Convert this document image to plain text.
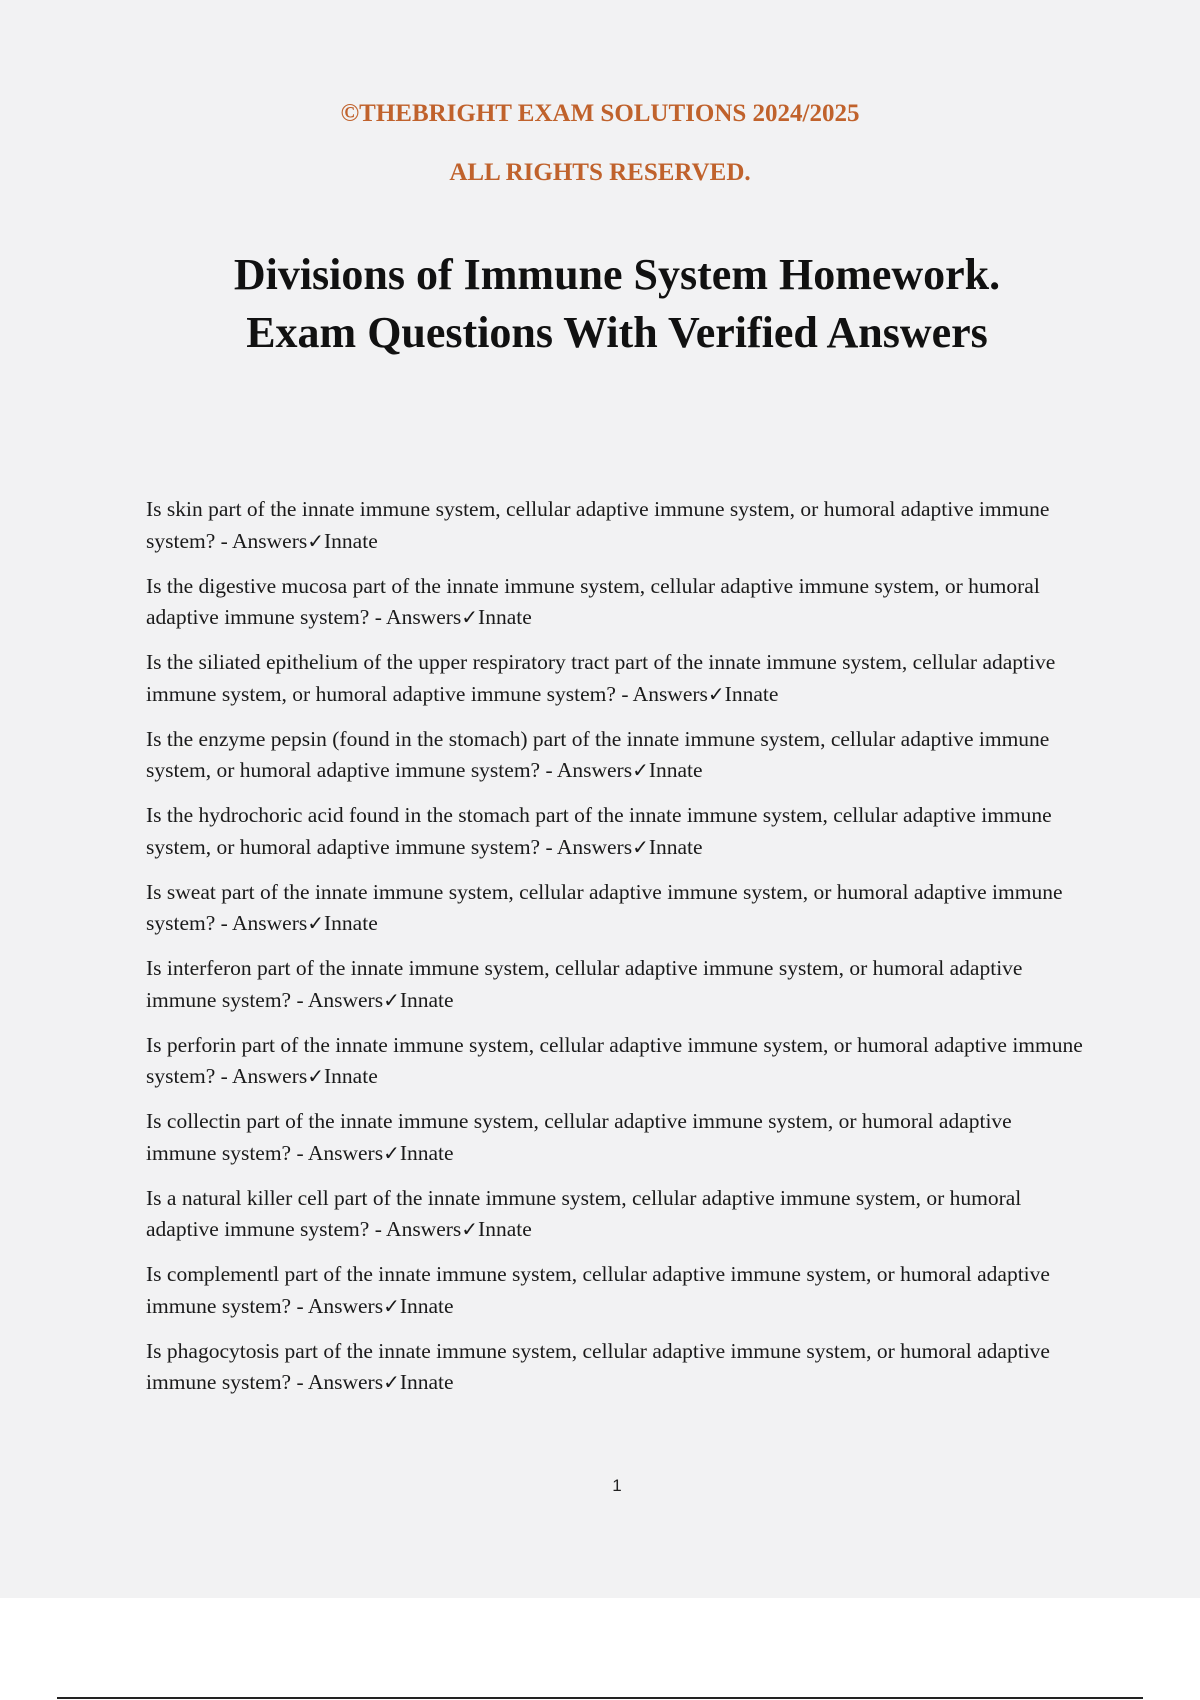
©THEBRIGHT EXAM SOLUTIONS 2024/2025

ALL RIGHTS RESERVED.

Divisions of Immune System Homework.
Exam Questions With Verified Answers
Is skin part of the innate immune system, cellular adaptive immune system, or humoral adaptive immune system? - Answers✓Innate
Is the digestive mucosa part of the innate immune system, cellular adaptive immune system, or humoral adaptive immune system? - Answers✓Innate
Is the siliated epithelium of the upper respiratory tract part of the innate immune system, cellular adaptive immune system, or humoral adaptive immune system? - Answers✓Innate
Is the enzyme pepsin (found in the stomach) part of the innate immune system, cellular adaptive immune system, or humoral adaptive immune system? - Answers✓Innate
Is the hydrochoric acid found in the stomach part of the innate immune system, cellular adaptive immune system, or humoral adaptive immune system? - Answers✓Innate
Is sweat part of the innate immune system, cellular adaptive immune system, or humoral adaptive immune system? - Answers✓Innate
Is interferon part of the innate immune system, cellular adaptive immune system, or humoral adaptive immune system? - Answers✓Innate
Is perforin part of the innate immune system, cellular adaptive immune system, or humoral adaptive immune system? - Answers✓Innate
Is collectin part of the innate immune system, cellular adaptive immune system, or humoral adaptive immune system? - Answers✓Innate
Is a natural killer cell part of the innate immune system, cellular adaptive immune system, or humoral adaptive immune system? - Answers✓Innate
Is complementl part of the innate immune system, cellular adaptive immune system, or humoral adaptive immune system? - Answers✓Innate
Is phagocytosis part of the innate immune system, cellular adaptive immune system, or humoral adaptive immune system? - Answers✓Innate

1
